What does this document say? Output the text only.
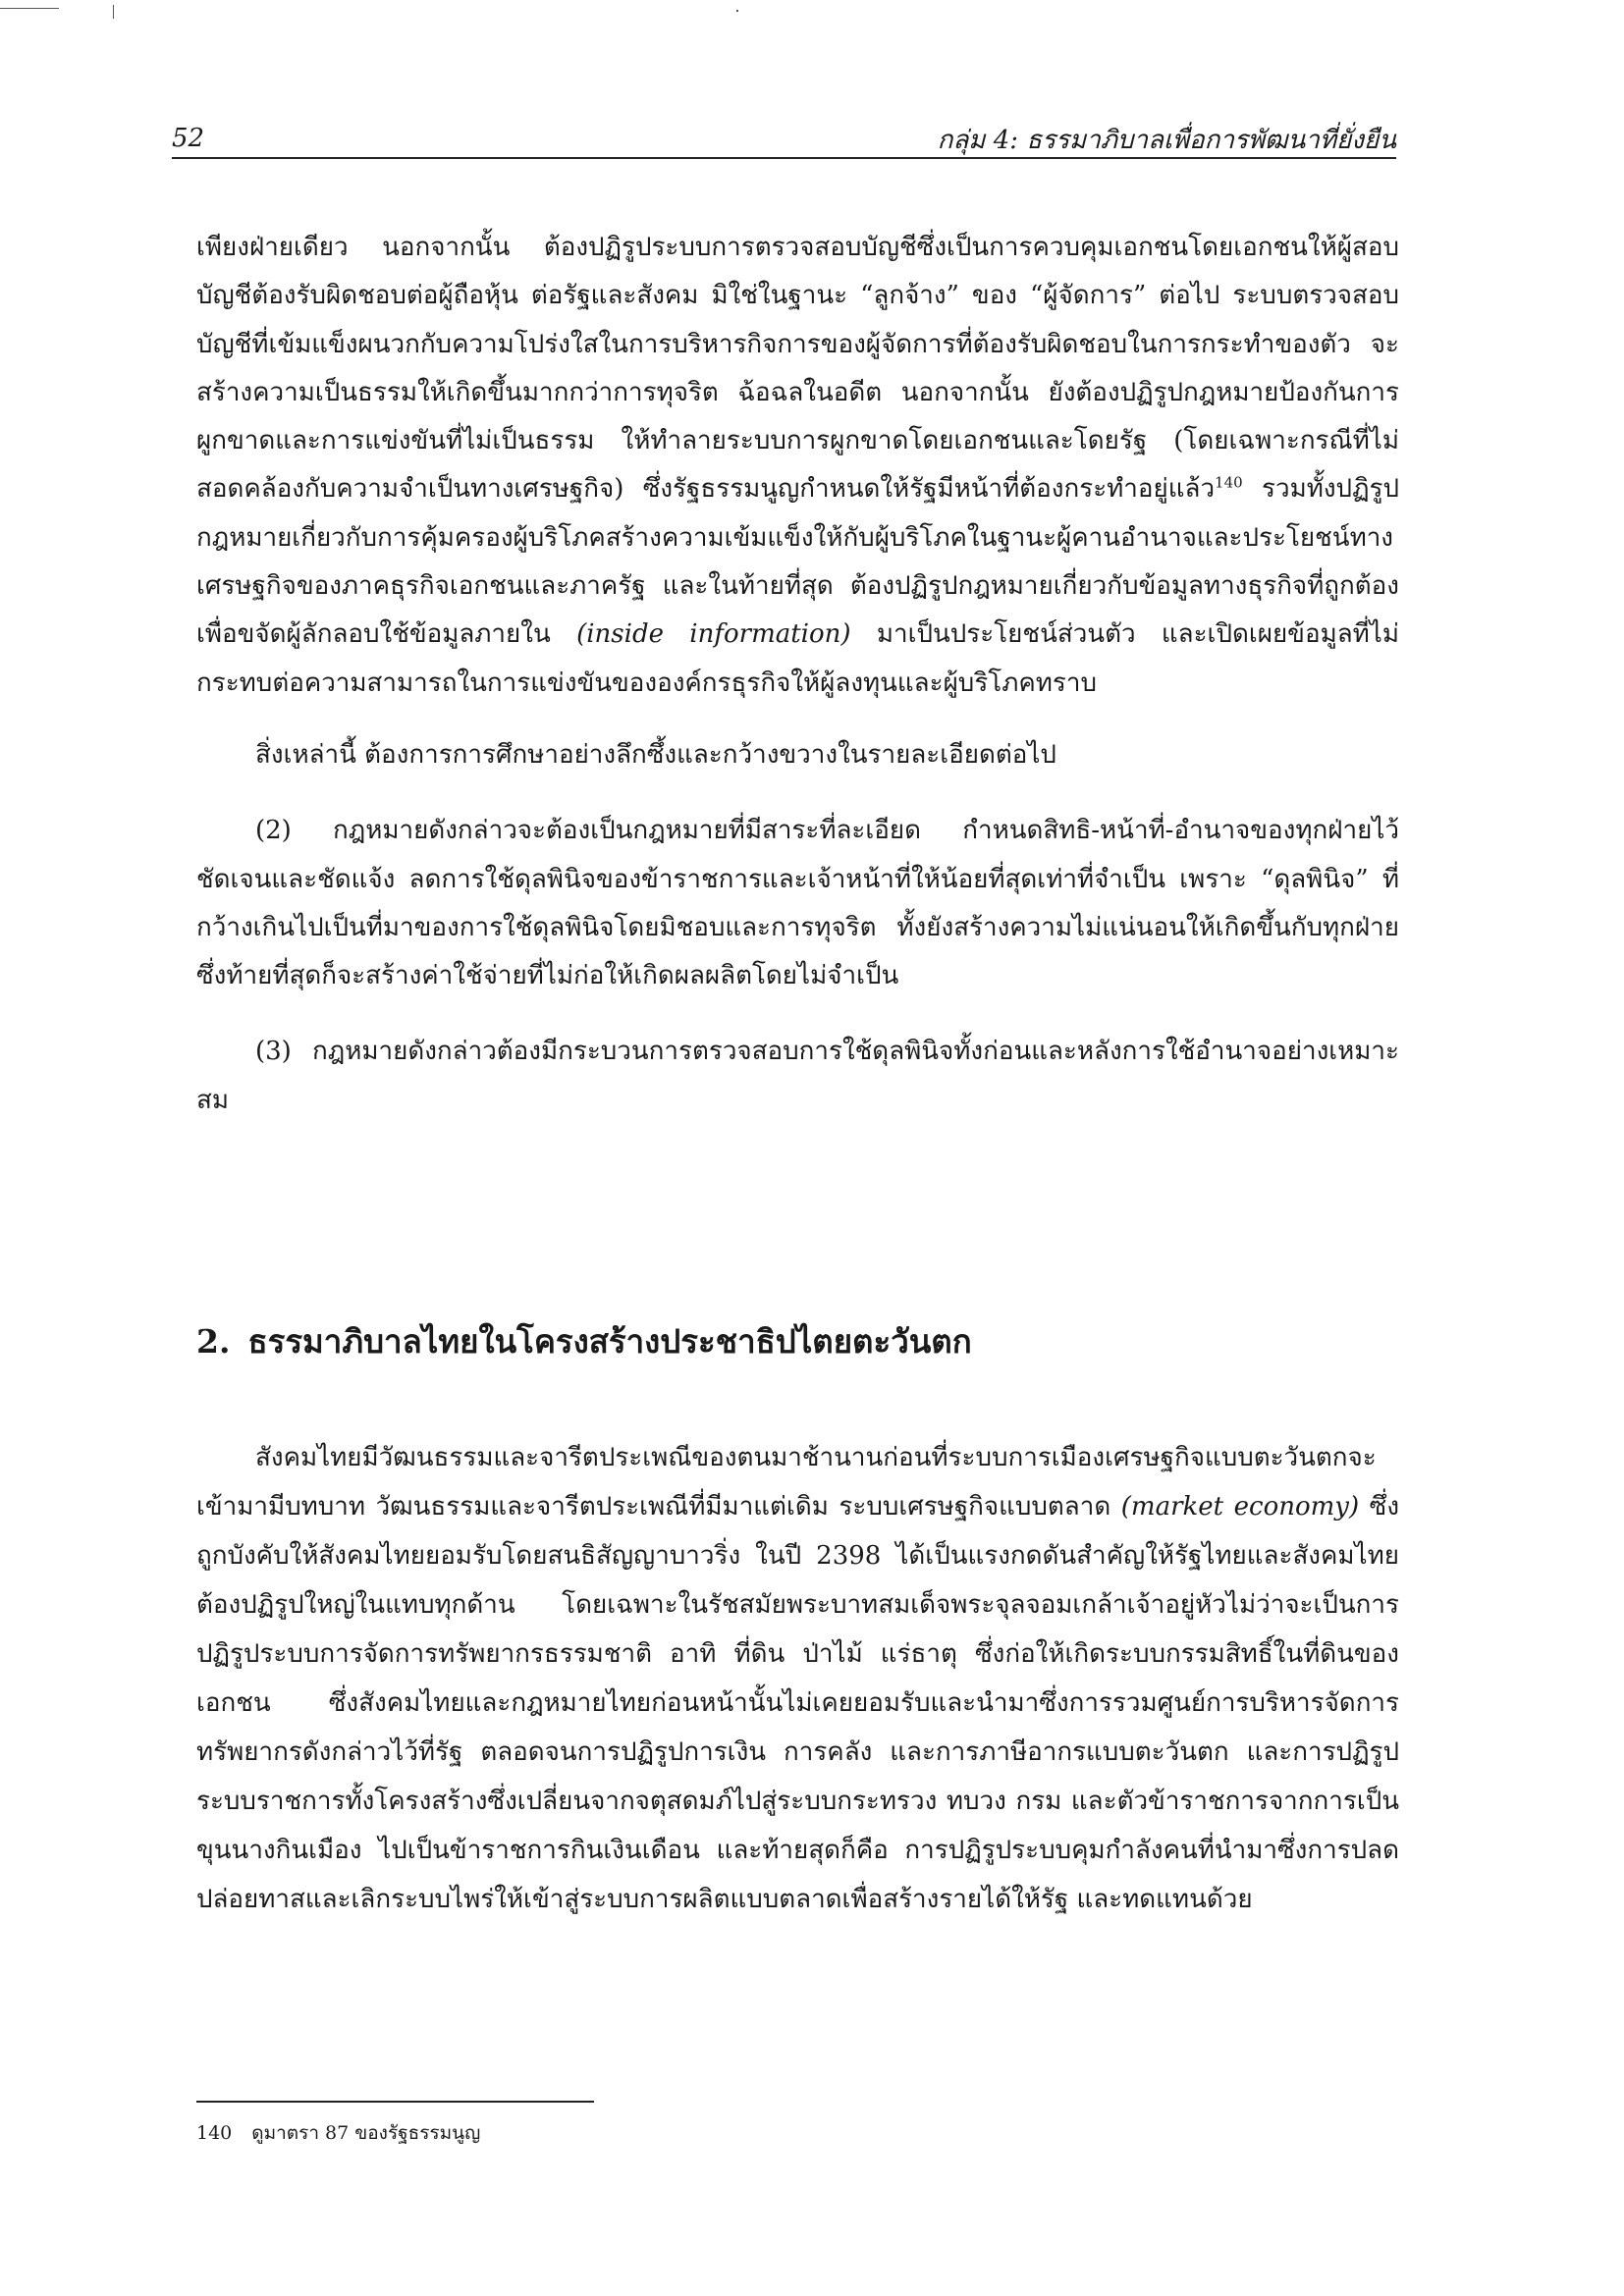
52	กลุ่ม 4: ธรรมาภิบาลเพื่อการพัฒนาที่ยั่งยืน

เพียงฝ่ายเดียว นอกจากนั้น ต้องปฏิรูประบบการตรวจสอบบัญชีซึ่งเป็นการควบคุมเอกชนโดยเอกชนให้ผู้สอบบัญชีต้องรับผิดชอบต่อผู้ถือหุ้น ต่อรัฐและสังคม มิใช่ในฐานะ “ลูกจ้าง” ของ “ผู้จัดการ” ต่อไป ระบบตรวจสอบบัญชีที่เข้มแข็งผนวกกับความโปร่งใสในการบริหารกิจการของผู้จัดการที่ต้องรับผิดชอบในการกระทำของตัว จะสร้างความเป็นธรรมให้เกิดขึ้นมากกว่าการทุจริต ฉ้อฉลในอดีต นอกจากนั้น ยังต้องปฏิรูปกฎหมายป้องกันการผูกขาดและการแข่งขันที่ไม่เป็นธรรม ให้ทำลายระบบการผูกขาดโดยเอกชนและโดยรัฐ (โดยเฉพาะกรณีที่ไม่สอดคล้องกับความจำเป็นทางเศรษฐกิจ) ซึ่งรัฐธรรมนูญกำหนดให้รัฐมีหน้าที่ต้องกระทำอยู่แล้ว$^{140}$ รวมทั้งปฏิรูปกฎหมายเกี่ยวกับการคุ้มครองผู้บริโภคสร้างความเข้มแข็งให้กับผู้บริโภคในฐานะผู้คานอำนาจและประโยชน์ทางเศรษฐกิจของภาคธุรกิจเอกชนและภาครัฐ และในท้ายที่สุด ต้องปฏิรูปกฎหมายเกี่ยวกับข้อมูลทางธุรกิจที่ถูกต้องเพื่อขจัดผู้ลักลอบใช้ข้อมูลภายใน (inside information) มาเป็นประโยชน์ส่วนตัว และเปิดเผยข้อมูลที่ไม่กระทบต่อความสามารถในการแข่งขันขององค์กรธุรกิจให้ผู้ลงทุนและผู้บริโภคทราบ

สิ่งเหล่านี้ ต้องการการศึกษาอย่างลึกซึ้งและกว้างขวางในรายละเอียดต่อไป

(2) กฎหมายดังกล่าวจะต้องเป็นกฎหมายที่มีสาระที่ละเอียด กำหนดสิทธิ-หน้าที่-อำนาจของทุกฝ่ายไว้ชัดเจนและชัดแจ้ง ลดการใช้ดุลพินิจของข้าราชการและเจ้าหน้าที่ให้น้อยที่สุดเท่าที่จำเป็น เพราะ “ดุลพินิจ” ที่กว้างเกินไปเป็นที่มาของการใช้ดุลพินิจโดยมิชอบและการทุจริต ทั้งยังสร้างความไม่แน่นอนให้เกิดขึ้นกับทุกฝ่าย ซึ่งท้ายที่สุดก็จะสร้างค่าใช้จ่ายที่ไม่ก่อให้เกิดผลผลิตโดยไม่จำเป็น

(3) กฎหมายดังกล่าวต้องมีกระบวนการตรวจสอบการใช้ดุลพินิจทั้งก่อนและหลังการใช้อำนาจอย่างเหมาะสม

2. ธรรมาภิบาลไทยในโครงสร้างประชาธิปไตยตะวันตก

สังคมไทยมีวัฒนธรรมและจารีตประเพณีของตนมาช้านานก่อนที่ระบบการเมืองเศรษฐกิจแบบตะวันตกจะเข้ามามีบทบาท วัฒนธรรมและจารีตประเพณีที่มีมาแต่เดิม ระบบเศรษฐกิจแบบตลาด (market economy) ซึ่งถูกบังคับให้สังคมไทยยอมรับโดยสนธิสัญญาบาวริ่ง ในปี 2398 ได้เป็นแรงกดดันสำคัญให้รัฐไทยและสังคมไทยต้องปฏิรูปใหญ่ในแทบทุกด้าน โดยเฉพาะในรัชสมัยพระบาทสมเด็จพระจุลจอมเกล้าเจ้าอยู่หัวไม่ว่าจะเป็นการปฏิรูประบบการจัดการทรัพยากรธรรมชาติ อาทิ ที่ดิน ป่าไม้ แร่ธาตุ ซึ่งก่อให้เกิดระบบกรรมสิทธิ์ในที่ดินของเอกชน ซึ่งสังคมไทยและกฎหมายไทยก่อนหน้านั้นไม่เคยยอมรับและนำมาซึ่งการรวมศูนย์การบริหารจัดการทรัพยากรดังกล่าวไว้ที่รัฐ ตลอดจนการปฏิรูปการเงิน การคลัง และการภาษีอากรแบบตะวันตก และการปฏิรูประบบราชการทั้งโครงสร้างซึ่งเปลี่ยนจากจตุสดมภ์ไปสู่ระบบกระทรวง ทบวง กรม และตัวข้าราชการจากการเป็นขุนนางกินเมือง ไปเป็นข้าราชการกินเงินเดือน และท้ายสุดก็คือ การปฏิรูประบบคุมกำลังคนที่นำมาซึ่งการปลดปล่อยทาสและเลิกระบบไพร่ให้เข้าสู่ระบบการผลิตแบบตลาดเพื่อสร้างรายได้ให้รัฐ และทดแทนด้วย

140 ดูมาตรา 87 ของรัฐธรรมนูญ
